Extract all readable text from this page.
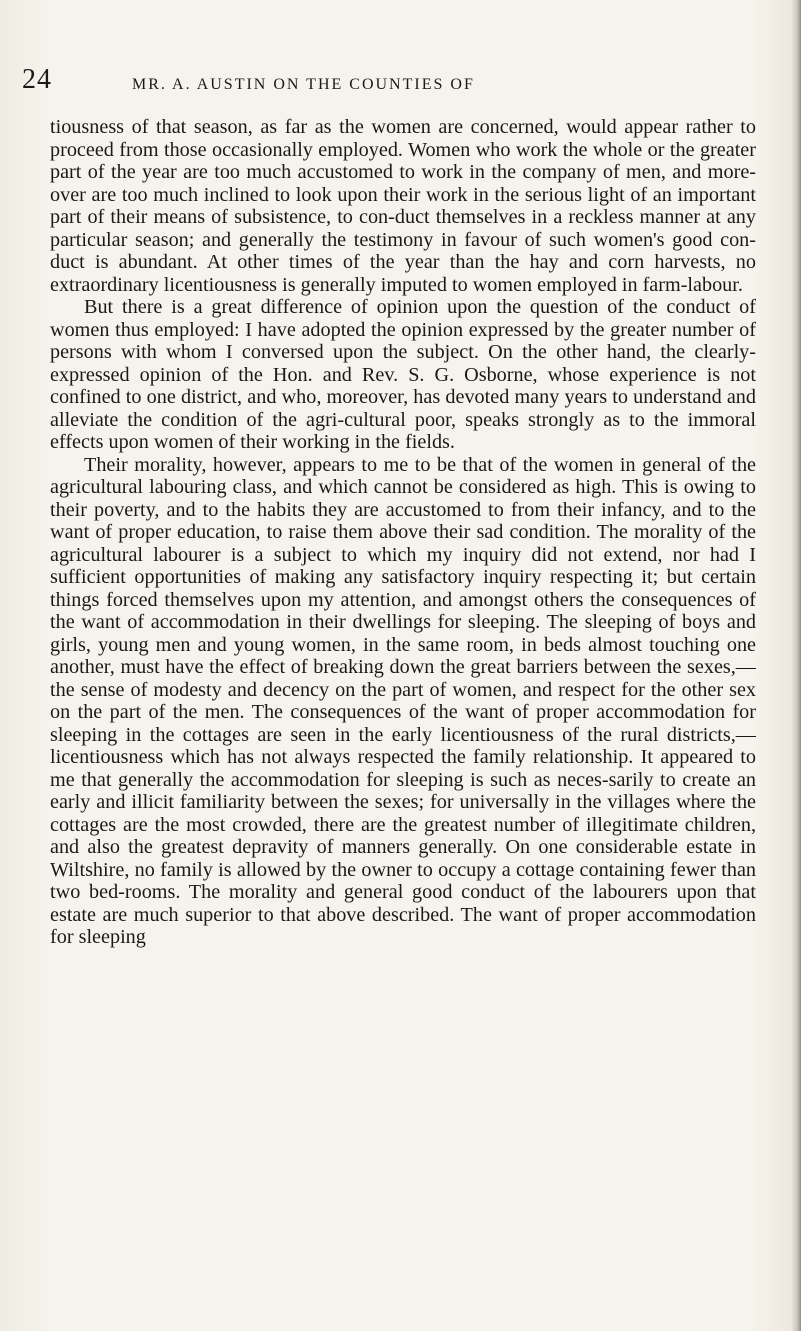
24	MR. A. AUSTIN ON THE COUNTIES OF

tiousness of that season, as far as the women are concerned, would appear rather to proceed from those occasionally employed. Women who work the whole or the greater part of the year are too much accustomed to work in the company of men, and more-over are too much inclined to look upon their work in the serious light of an important part of their means of subsistence, to con-duct themselves in a reckless manner at any particular season; and generally the testimony in favour of such women's good con-duct is abundant. At other times of the year than the hay and corn harvests, no extraordinary licentiousness is generally imputed to women employed in farm-labour.

But there is a great difference of opinion upon the question of the conduct of women thus employed: I have adopted the opinion expressed by the greater number of persons with whom I conversed upon the subject. On the other hand, the clearly-expressed opinion of the Hon. and Rev. S. G. Osborne, whose experience is not confined to one district, and who, moreover, has devoted many years to understand and alleviate the condition of the agri-cultural poor, speaks strongly as to the immoral effects upon women of their working in the fields.

Their morality, however, appears to me to be that of the women in general of the agricultural labouring class, and which cannot be considered as high. This is owing to their poverty, and to the habits they are accustomed to from their infancy, and to the want of proper education, to raise them above their sad condition. The morality of the agricultural labourer is a subject to which my inquiry did not extend, nor had I sufficient opportunities of making any satisfactory inquiry respecting it; but certain things forced themselves upon my attention, and amongst others the consequences of the want of accommodation in their dwellings for sleeping. The sleeping of boys and girls, young men and young women, in the same room, in beds almost touching one another, must have the effect of breaking down the great barriers between the sexes,—the sense of modesty and decency on the part of women, and respect for the other sex on the part of the men. The consequences of the want of proper accommodation for sleeping in the cottages are seen in the early licentiousness of the rural districts,—licentiousness which has not always respected the family relationship. It appeared to me that generally the accommodation for sleeping is such as neces-sarily to create an early and illicit familiarity between the sexes; for universally in the villages where the cottages are the most crowded, there are the greatest number of illegitimate children, and also the greatest depravity of manners generally. On one considerable estate in Wiltshire, no family is allowed by the owner to occupy a cottage containing fewer than two bed-rooms. The morality and general good conduct of the labourers upon that estate are much superior to that above described. The want of proper accommodation for sleeping
